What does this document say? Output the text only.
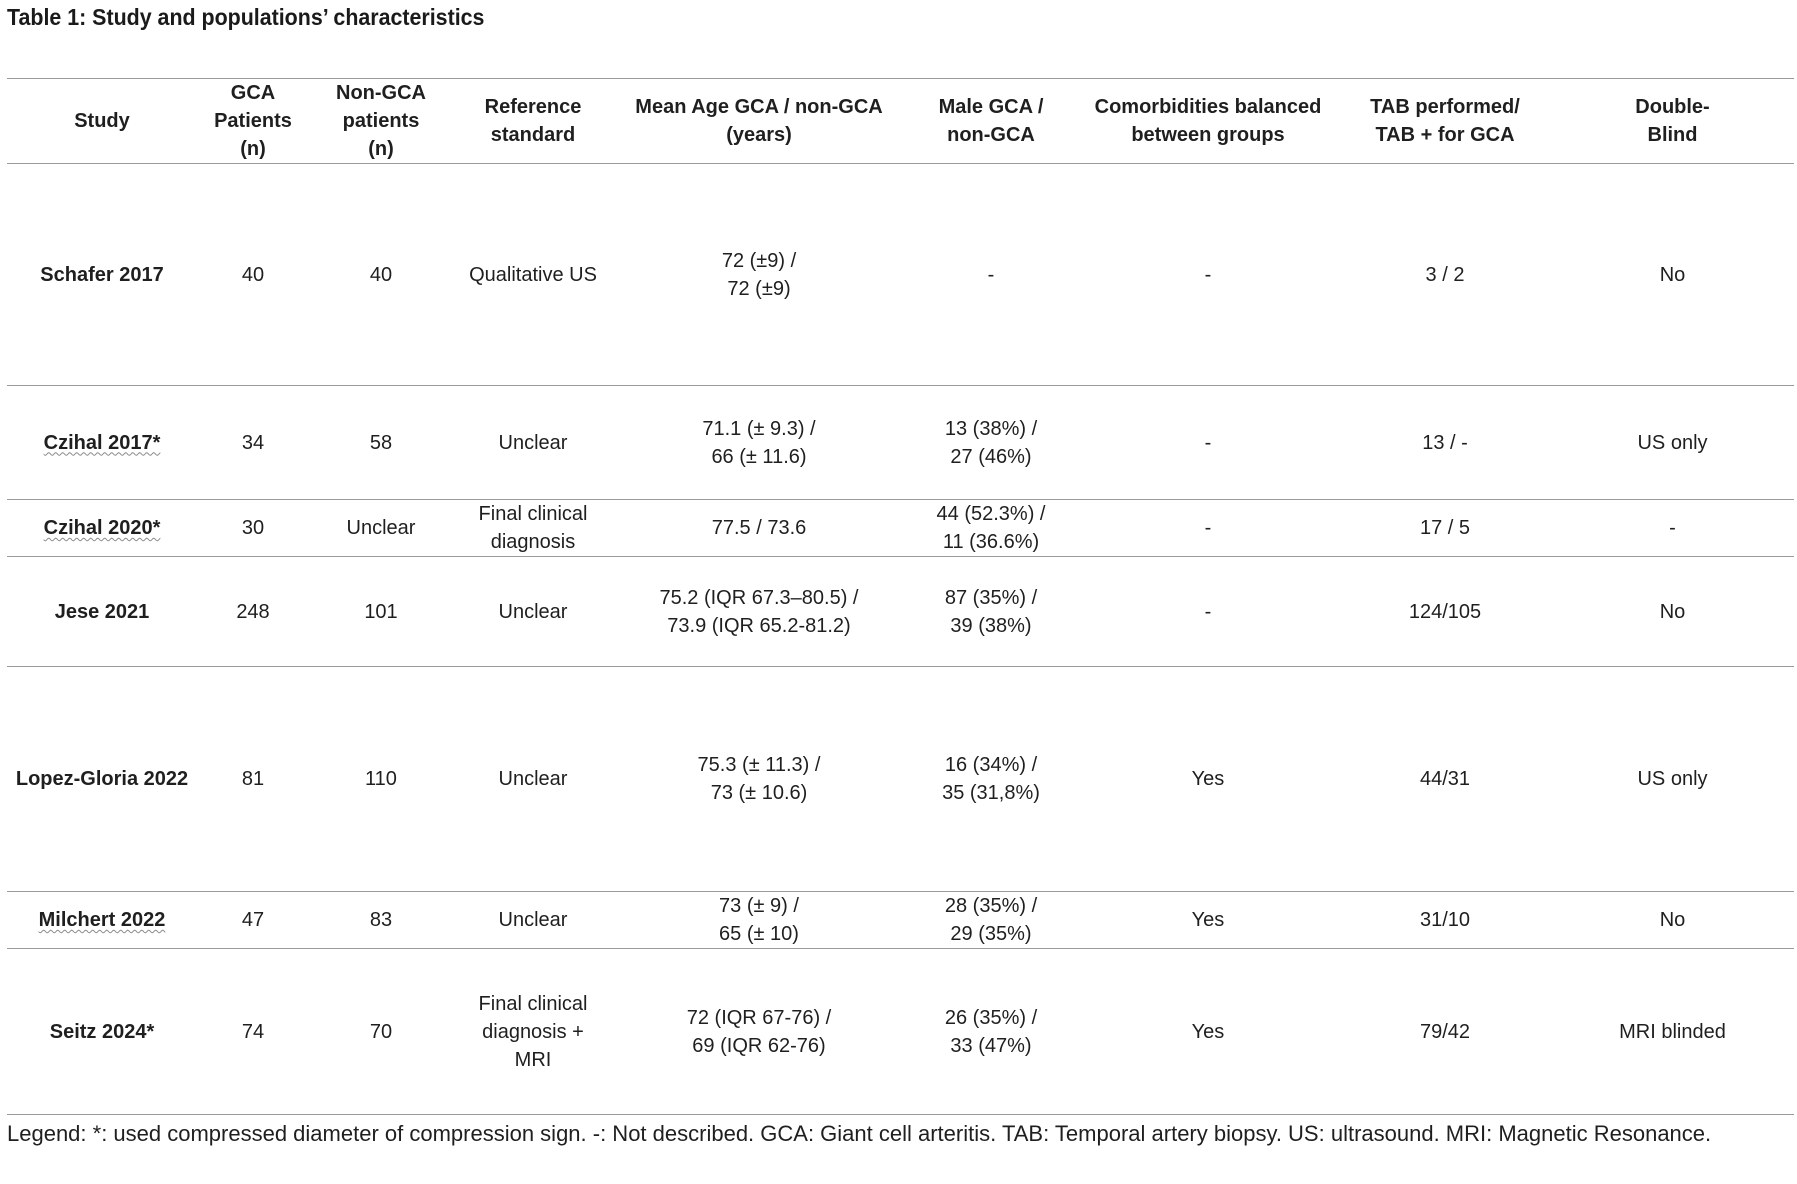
Table 1: Study and populations’ characteristics
Study	GCA
Patients
(n)	Non-GCA
patients
(n)	Reference
standard	Mean Age GCA / non-GCA (years)	Male GCA /
non-GCA	Comorbidities balanced
between groups	TAB performed/
TAB + for GCA	Double-
Blind
Schafer 2017	40	40	Qualitative US	72 (±9) /
72 (±9)	-	-	3 / 2	No
Czihal 2017*	34	58	Unclear	71.1 (± 9.3) /
66 (± 11.6)	13 (38%) /
27 (46%)	-	13 / -	US only
Czihal 2020*	30	Unclear	Final clinical
diagnosis	77.5 / 73.6	44 (52.3%) /
11 (36.6%)	-	17 / 5	-
Jese 2021	248	101	Unclear	75.2 (IQR 67.3–80.5) /
73.9 (IQR 65.2-81.2)	87 (35%) /
39 (38%)	-	124/105	No
Lopez-Gloria 2022	81	110	Unclear	75.3 (± 11.3) /
73 (± 10.6)	16 (34%) /
35 (31,8%)	Yes	44/31	US only
Milchert 2022	47	83	Unclear	73 (± 9) /
65 (± 10)	28 (35%) /
29 (35%)	Yes	31/10	No
Seitz 2024*	74	70	Final clinical
diagnosis +
MRI	72 (IQR 67-76) /
69 (IQR 62-76)	26 (35%) /
33 (47%)	Yes	79/42	MRI blinded
Legend: *: used compressed diameter of compression sign. -: Not described. GCA: Giant cell arteritis. TAB: Temporal artery biopsy. US: ultrasound. MRI: Magnetic Resonance.
